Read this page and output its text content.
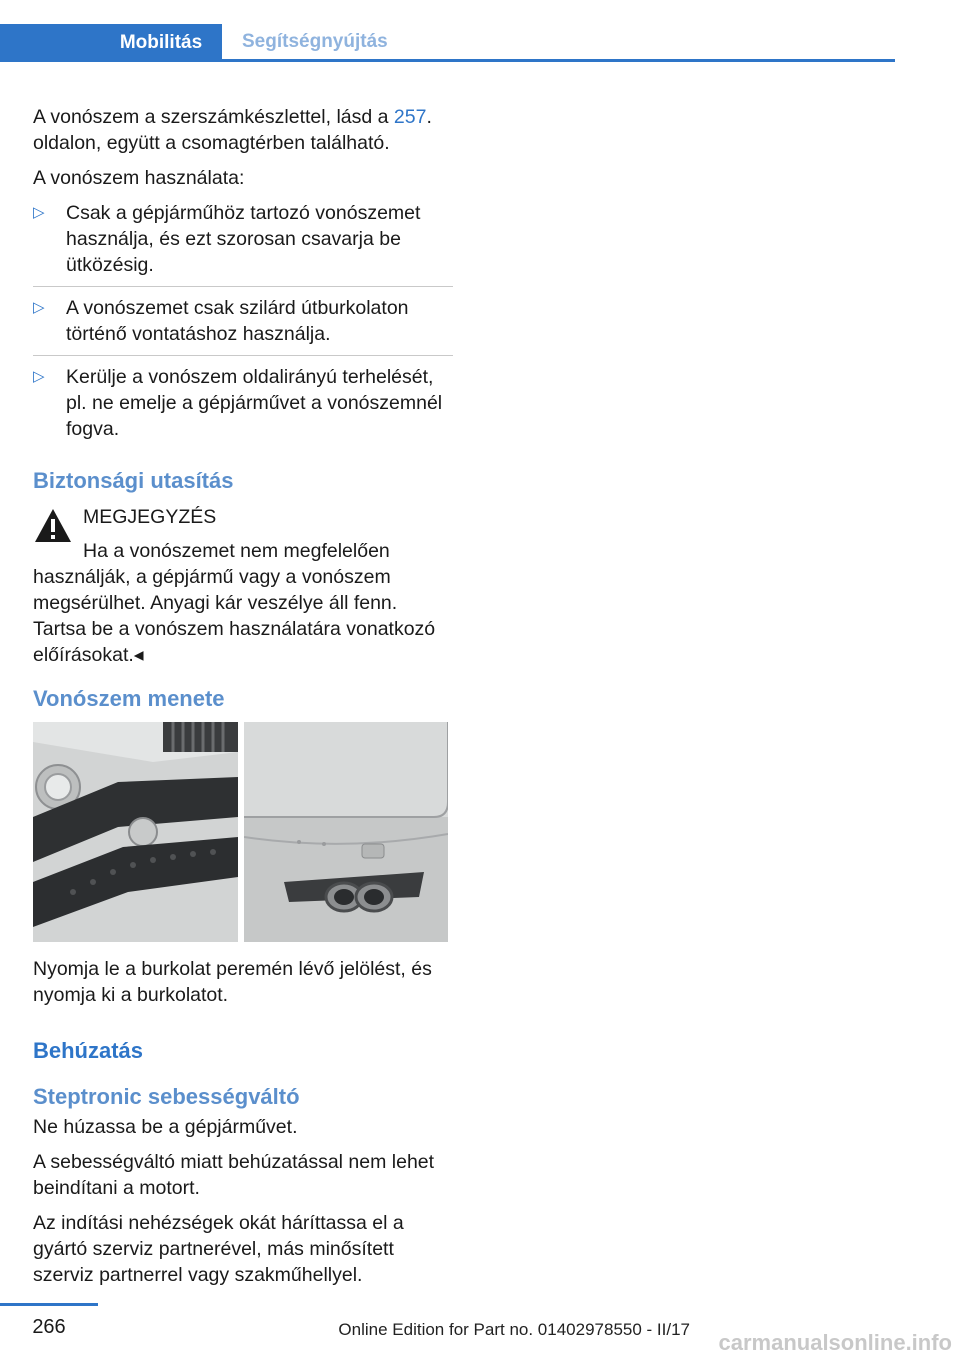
Mobilitás	Segítségnyújtás

A vonószem a szerszámkészlettel, lásd a 257. oldalon, együtt a csomagtérben található.

A vonószem használata:

▷ Csak a gépjárműhöz tartozó vonószemet használja, és ezt szorosan csavarja be ütközésig.
▷ A vonószemet csak szilárd útburkolaton történő vontatáshoz használja.
▷ Kerülje a vonószem oldalirányú terhelését, pl. ne emelje a gépjárművet a vonószemnél fogva.
Biztonsági utasítás
MEGJEGYZÉS
Ha a vonószemet nem megfelelően használják, a gépjármű vagy a vonószem megsérülhet. Anyagi kár veszélye áll fenn. Tartsa be a vonószem használatára vonatkozó előírásokat.◂
Vonószem menete

Nyomja le a burkolat peremén lévő jelölést, és nyomja ki a burkolatot.

Behúzatás
Steptronic sebességváltó

Ne húzassa be a gépjárművet.

A sebességváltó miatt behúzatással nem lehet beindítani a motort.

Az indítási nehézségek okát háríttassa el a gyártó szerviz partnerével, más minősített szerviz partnerrel vagy szakműhellyel.

266	Online Edition for Part no. 01402978550 - II/17
carmanualsonline.info
